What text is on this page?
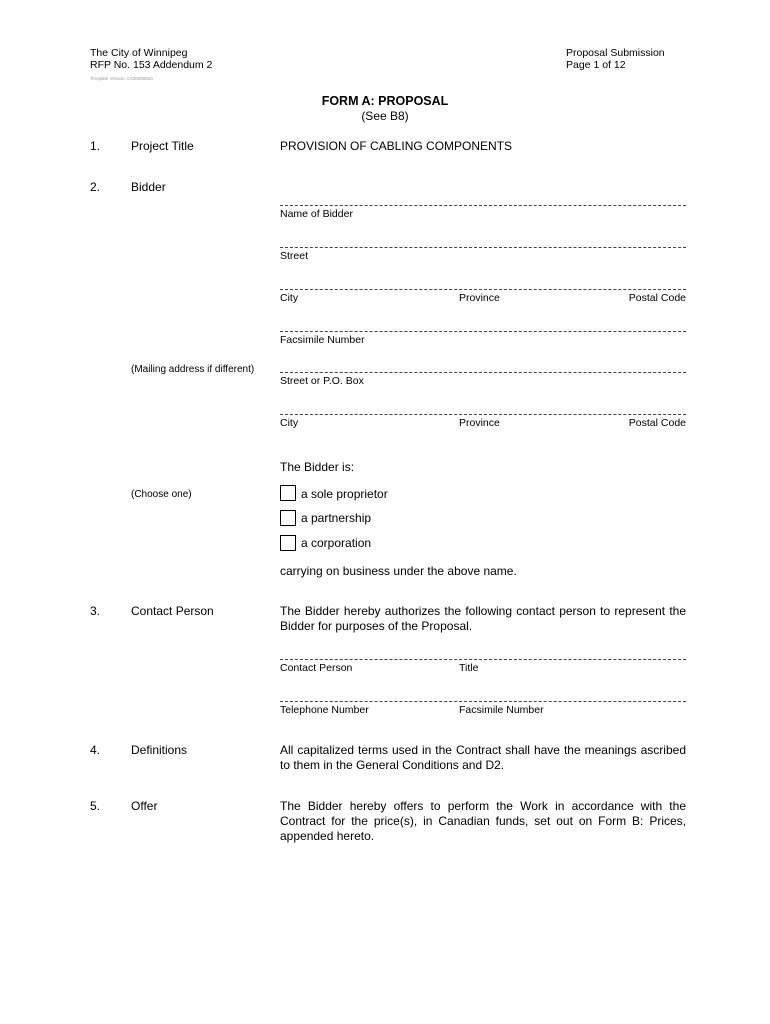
The City of Winnipeg
RFP No. 153 Addendum 2
Template Version: C420090930
Proposal Submission
Page 1 of 12
FORM A: PROPOSAL
(See B8)
1.	Project Title	PROVISION OF CABLING COMPONENTS
2.	Bidder
Name of Bidder
Street
City	Province	Postal Code
Facsimile Number
(Mailing address if different)
Street or P.O. Box
City	Province	Postal Code
The Bidder is:
(Choose one)	a sole proprietor
a partnership
a corporation
carrying on business under the above name.
3.	Contact Person	The Bidder hereby authorizes the following contact person to represent the Bidder for purposes of the Proposal.
Contact Person	Title
Telephone Number	Facsimile Number
4.	Definitions	All capitalized terms used in the Contract shall have the meanings ascribed to them in the General Conditions and D2.
5.	Offer	The Bidder hereby offers to perform the Work in accordance with the Contract for the price(s), in Canadian funds, set out on Form B: Prices, appended hereto.
